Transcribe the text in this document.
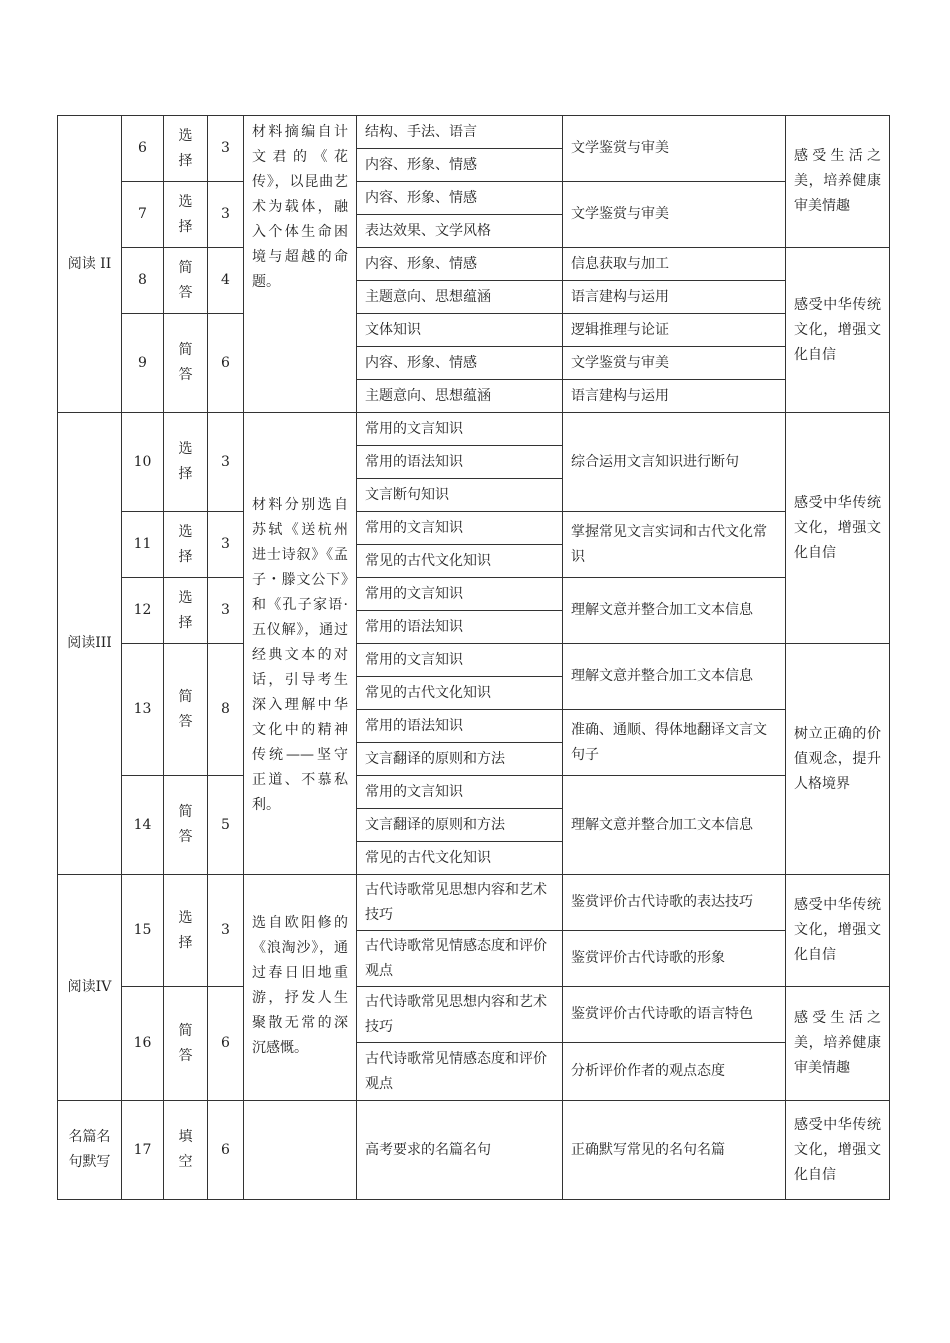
阅读 II	6	选择	3	材料摘编自计文君的《花传》，以昆曲艺术为载体，融入个体生命困境与超越的命题。	结构、手法、语言	文学鉴赏与审美	感受生活之美，培养健康审美情趣
					内容、形象、情感		
	7	选择	3		内容、形象、情感	文学鉴赏与审美	
					表达效果、文学风格		
	8	简答	4		内容、形象、情感	信息获取与加工	感受中华传统文化，增强文化自信
					主题意向、思想蕴涵	语言建构与运用	
	9	简答	6		文体知识	逻辑推理与论证	
					内容、形象、情感	文学鉴赏与审美	
					主题意向、思想蕴涵	语言建构与运用	
阅读III	10	选择	3	材料分别选自苏轼《送杭州进士诗叙》《孟子・滕文公下》和《孔子家语·五仪解》，通过经典文本的对话，引导考生深入理解中华文化中的精神传统——坚守正道、不慕私利。	常用的文言知识	综合运用文言知识进行断句	感受中华传统文化，增强文化自信
					常用的语法知识		
					文言断句知识		
	11	选择	3		常用的文言知识	掌握常见文言实词和古代文化常识	
					常见的古代文化知识		
	12	选择	3		常用的文言知识	理解文意并整合加工文本信息	
					常用的语法知识		
	13	简答	8		常用的文言知识	理解文意并整合加工文本信息	树立正确的价值观念，提升人格境界
					常见的古代文化知识		
					常用的语法知识	准确、通顺、得体地翻译文言文句子	
					文言翻译的原则和方法		
	14	简答	5		常用的文言知识	理解文意并整合加工文本信息	
					文言翻译的原则和方法		
					常见的古代文化知识		
阅读IV	15	选择	3	选自欧阳修的《浪淘沙》，通过春日旧地重游，抒发人生聚散无常的深沉感慨。	古代诗歌常见思想内容和艺术技巧	鉴赏评价古代诗歌的表达技巧	感受中华传统文化，增强文化自信
					古代诗歌常见情感态度和评价观点	鉴赏评价古代诗歌的形象	
	16	简答	6		古代诗歌常见思想内容和艺术技巧	鉴赏评价古代诗歌的语言特色	感受生活之美，培养健康审美情趣
					古代诗歌常见情感态度和评价观点	分析评价作者的观点态度	
名篇名句默写	17	填空	6		高考要求的名篇名句	正确默写常见的名句名篇	感受中华传统文化，增强文化自信
